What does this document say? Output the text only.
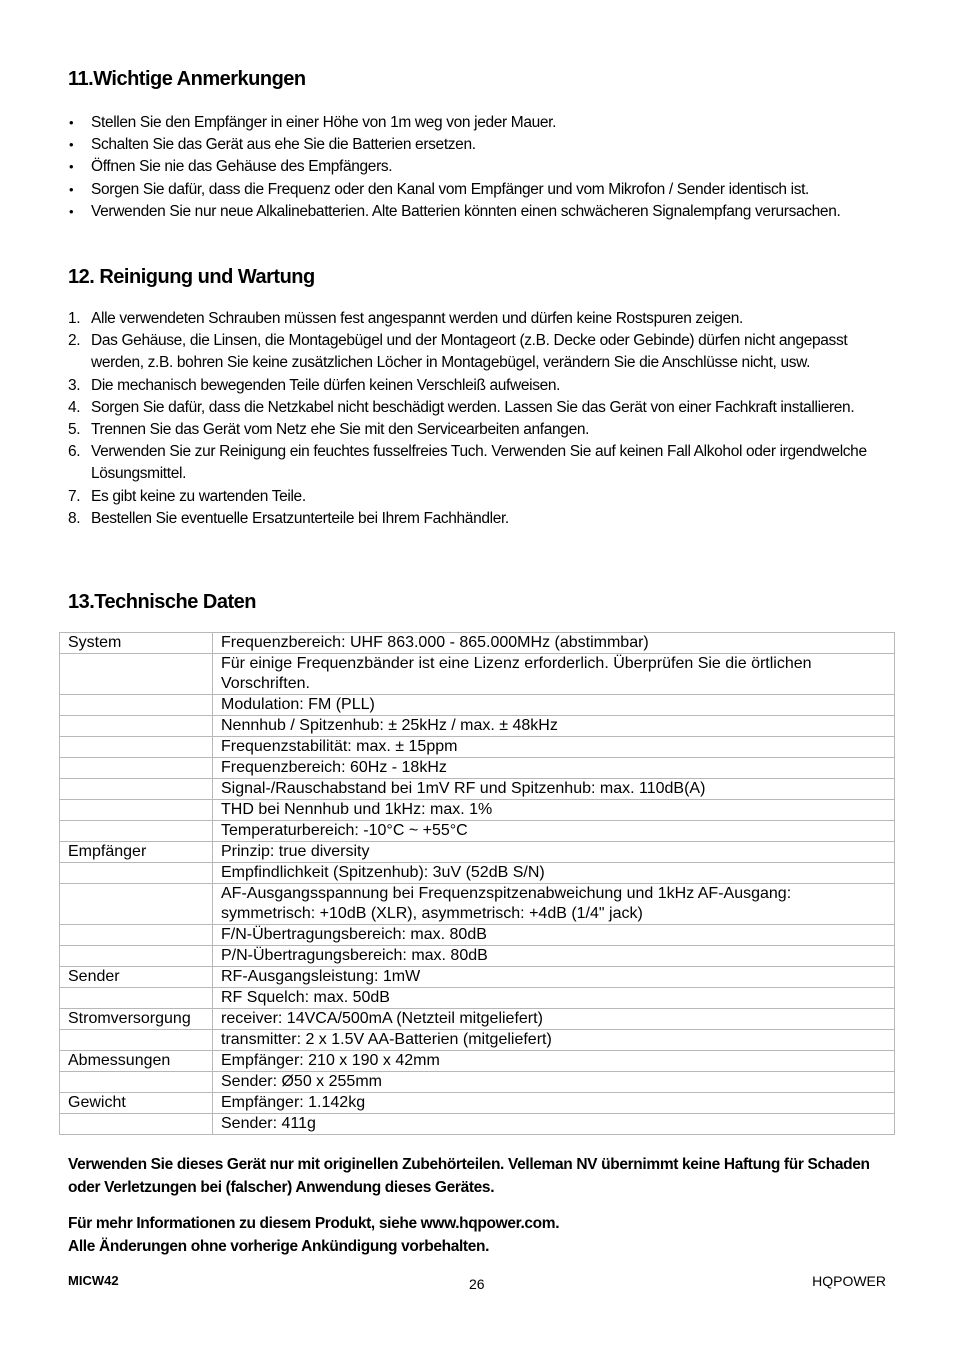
11.Wichtige Anmerkungen
• Stellen Sie den Empfänger in einer Höhe von 1m weg von jeder Mauer.
• Schalten Sie das Gerät aus ehe Sie die Batterien ersetzen.
• Öffnen Sie nie das Gehäuse des Empfängers.
• Sorgen Sie dafür, dass die Frequenz oder den Kanal vom Empfänger und vom Mikrofon / Sender identisch ist.
• Verwenden Sie nur neue Alkalinebatterien. Alte Batterien könnten einen schwächeren Signalempfang verursachen.
12. Reinigung und Wartung
1. Alle verwendeten Schrauben müssen fest angespannt werden und dürfen keine Rostspuren zeigen.
2. Das Gehäuse, die Linsen, die Montagebügel und der Montageort (z.B. Decke oder Gebinde) dürfen nicht angepasst werden, z.B. bohren Sie keine zusätzlichen Löcher in Montagebügel, verändern Sie die Anschlüsse nicht, usw.
3. Die mechanisch bewegenden Teile dürfen keinen Verschleiß aufweisen.
4. Sorgen Sie dafür, dass die Netzkabel nicht beschädigt werden. Lassen Sie das Gerät von einer Fachkraft installieren.
5. Trennen Sie das Gerät vom Netz ehe Sie mit den Servicearbeiten anfangen.
6. Verwenden Sie zur Reinigung ein feuchtes fusselfreies Tuch. Verwenden Sie auf keinen Fall Alkohol oder irgendwelche Lösungsmittel.
7. Es gibt keine zu wartenden Teile.
8. Bestellen Sie eventuelle Ersatzunterteile bei Ihrem Fachhändler.
13.Technische Daten
System	Frequenzbereich: UHF 863.000 - 865.000MHz (abstimmbar)
	Für einige Frequenzbänder ist eine Lizenz erforderlich. Überprüfen Sie die örtlichen Vorschriften.
	Modulation: FM (PLL)
	Nennhub / Spitzenhub: ± 25kHz / max. ± 48kHz
	Frequenzstabilität: max. ± 15ppm
	Frequenzbereich: 60Hz - 18kHz
	Signal-/Rauschabstand bei 1mV RF und Spitzenhub: max. 110dB(A)
	THD bei Nennhub und 1kHz: max. 1%
	Temperaturbereich: -10°C ~ +55°C
Empfänger	Prinzip: true diversity
	Empfindlichkeit (Spitzenhub): 3uV (52dB S/N)
	AF-Ausgangsspannung bei Frequenzspitzenabweichung und 1kHz AF-Ausgang: symmetrisch: +10dB (XLR), asymmetrisch: +4dB (1/4" jack)
	F/N-Übertragungsbereich: max. 80dB
	P/N-Übertragungsbereich: max. 80dB
Sender	RF-Ausgangsleistung: 1mW
	RF Squelch: max. 50dB
Stromversorgung	receiver: 14VCA/500mA (Netzteil mitgeliefert)
	transmitter: 2 x 1.5V AA-Batterien (mitgeliefert)
Abmessungen	Empfänger: 210 x 190 x 42mm
	Sender: Ø50 x 255mm
Gewicht	Empfänger: 1.142kg
	Sender: 411g
Verwenden Sie dieses Gerät nur mit originellen Zubehörteilen. Velleman NV übernimmt keine Haftung für Schaden oder Verletzungen bei (falscher) Anwendung dieses Gerätes.
Für mehr Informationen zu diesem Produkt, siehe www.hqpower.com.
Alle Änderungen ohne vorherige Ankündigung vorbehalten.
MICW42	26	HQPOWER
